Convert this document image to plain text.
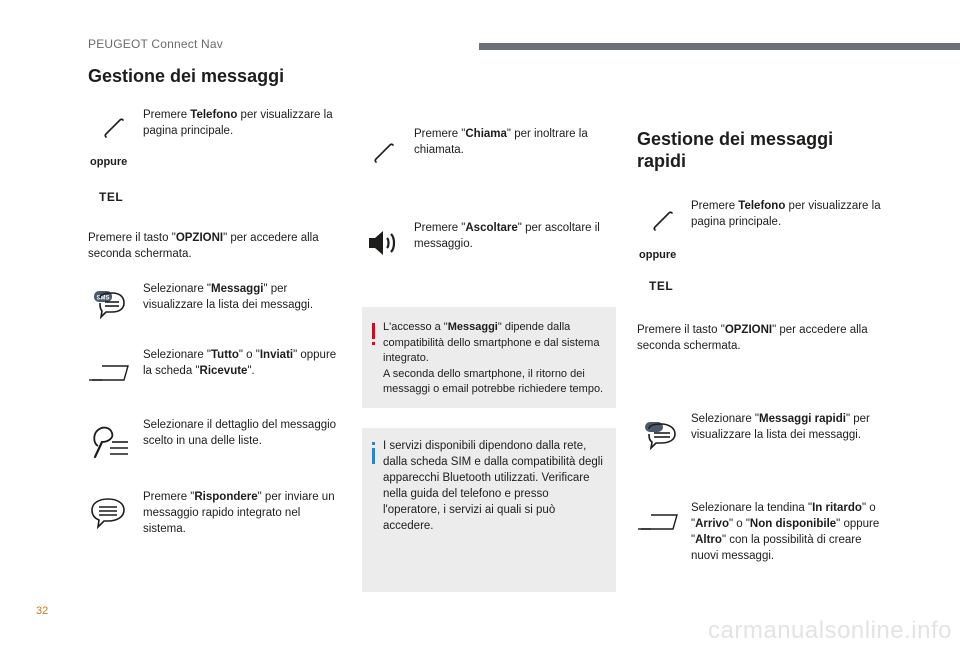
PEUGEOT Connect Nav
Gestione dei messaggi
Premere Telefono per visualizzare la pagina principale.
oppure
TEL
Premere il tasto "OPZIONI" per accedere alla seconda schermata.
SMS
Selezionare "Messaggi" per visualizzare la lista dei messaggi.
Selezionare "Tutto" o "Inviati" oppure la scheda "Ricevute".
Selezionare il dettaglio del messaggio scelto in una delle liste.
Premere "Rispondere" per inviare un messaggio rapido integrato nel sistema.
Premere "Chiama" per inoltrare la chiamata.
Premere "Ascoltare" per ascoltare il messaggio.
L'accesso a "Messaggi" dipende dalla compatibilità dello smartphone e dal sistema integrato.
A seconda dello smartphone, il ritorno dei messaggi o email potrebbe richiedere tempo.
I servizi disponibili dipendono dalla rete, dalla scheda SIM e dalla compatibilità degli apparecchi Bluetooth utilizzati. Verificare nella guida del telefono e presso l'operatore, i servizi ai quali si può accedere.
Gestione dei messaggi
rapidi
Premere Telefono per visualizzare la pagina principale.
oppure
TEL
Premere il tasto "OPZIONI" per accedere alla seconda schermata.
Selezionare "Messaggi rapidi" per visualizzare la lista dei messaggi.
Selezionare la tendina "In ritardo" o "Arrivo" o "Non disponibile" oppure "Altro" con la possibilità di creare nuovi messaggi.
32
carmanualsonline.info
